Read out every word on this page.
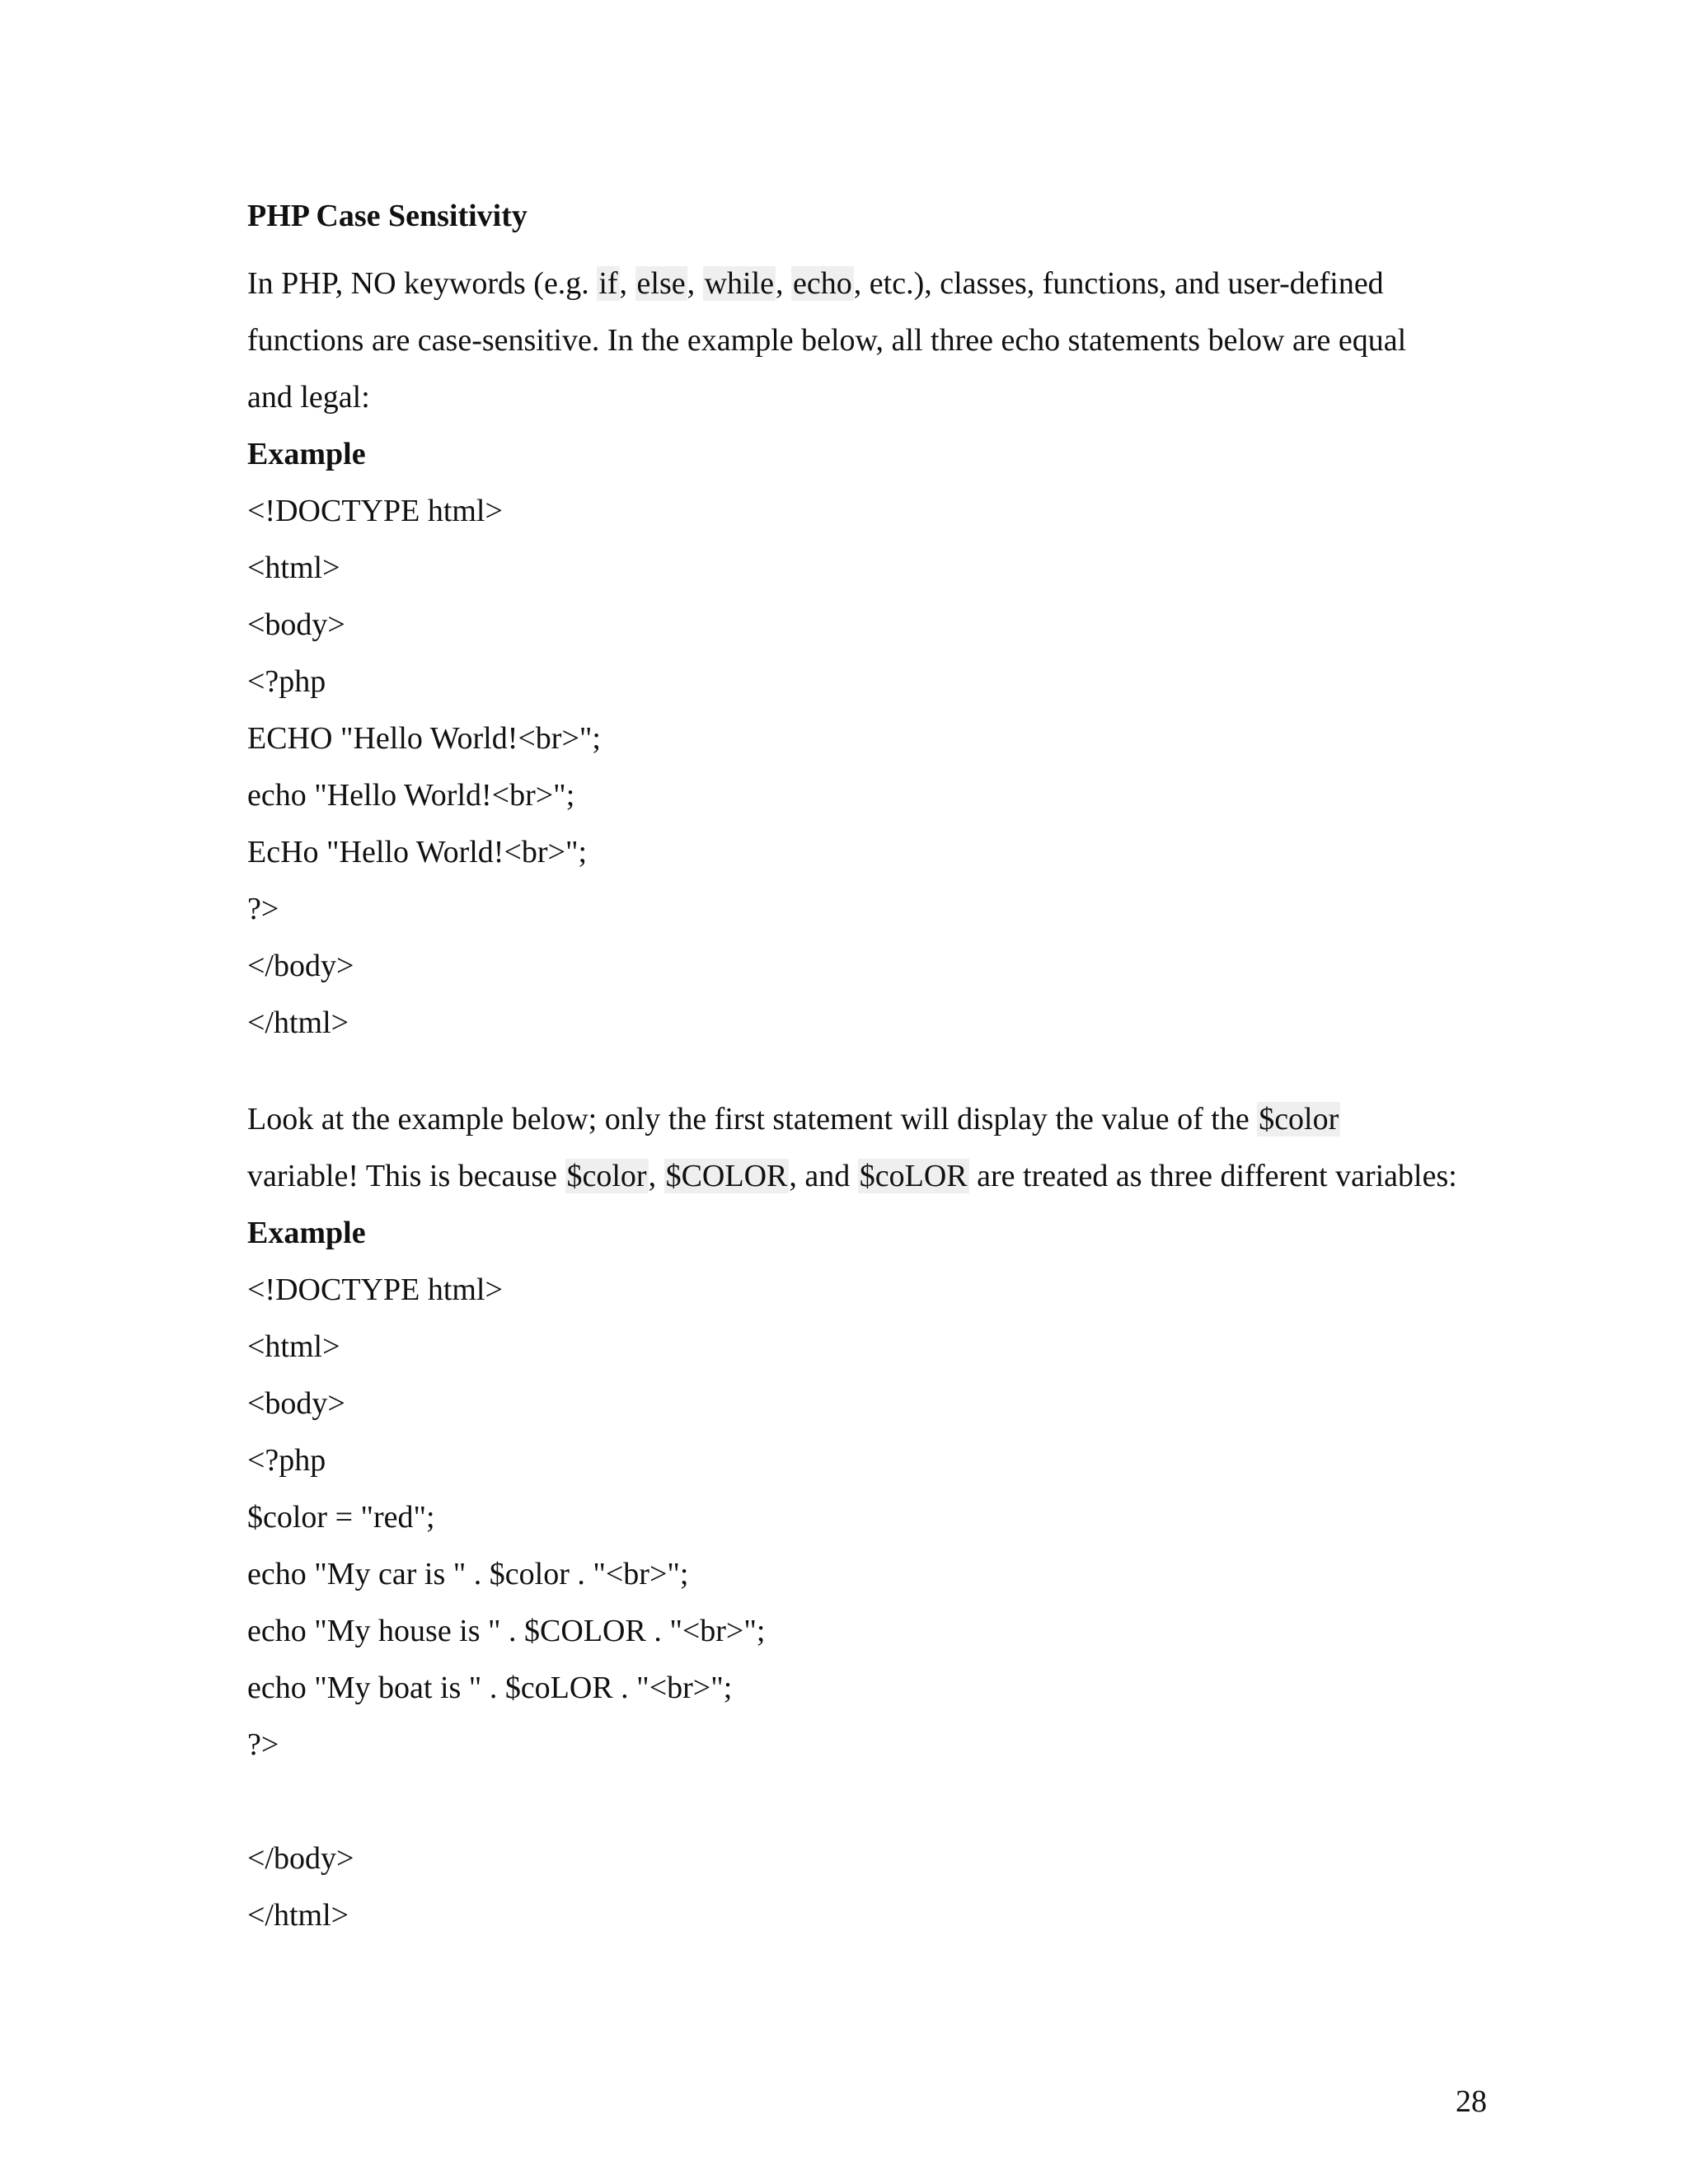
PHP Case Sensitivity

In PHP, NO keywords (e.g. if, else, while, echo, etc.), classes, functions, and user-defined functions are case-sensitive. In the example below, all three echo statements below are equal and legal:

Example
<!DOCTYPE html>
<html>
<body>
<?php
ECHO "Hello World!<br>";
echo "Hello World!<br>";
EcHo "Hello World!<br>";
?>
</body>
</html>

Look at the example below; only the first statement will display the value of the $color variable! This is because $color, $COLOR, and $coLOR are treated as three different variables:

Example
<!DOCTYPE html>
<html>
<body>
<?php
$color = "red";
echo "My car is " . $color . "<br>";
echo "My house is " . $COLOR . "<br>";
echo "My boat is " . $coLOR . "<br>";
?>
</body>
</html>
28
